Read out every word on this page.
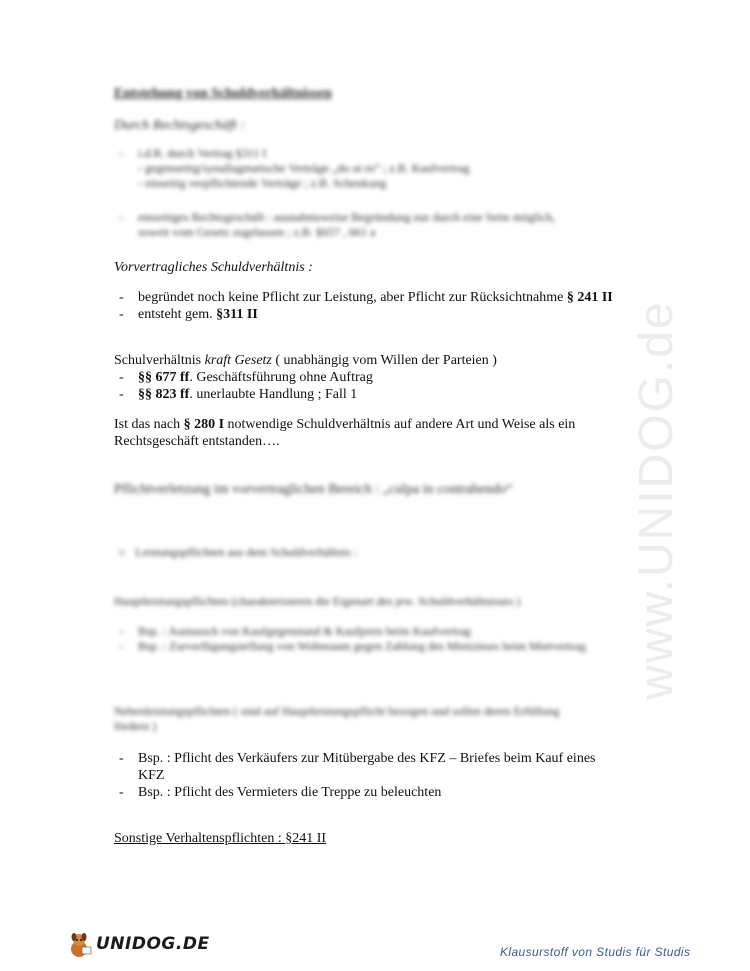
www.UNIDOG.de
Entstehung von Schuldverhältnissen
Durch Rechtsgeschäft :
- i.d.R. durch Vertrag §311 I
- gegenseitig/synallagmatische Verträge „do ut es“ ; z.B. Kaufvertrag
- einseitig verpflichtende Verträge ; z.B. Schenkung
- einseitiges Rechtsgeschäft : ausnahmsweise Begründung nur durch eine Seite möglich,
soweit vom Gesetz zugelassen ; z.B. §657 , 661 a
Vorvertragliches Schuldverhältnis :
- begründet noch keine Pflicht zur Leistung, aber Pflicht zur Rücksichtnahme § 241 II
- entsteht gem. §311 II
Schulverhältnis kraft Gesetz ( unabhängig vom Willen der Parteien )
- §§ 677 ff. Geschäftsführung ohne Auftrag
- §§ 823 ff. unerlaubte Handlung ; Fall 1
Ist das nach § 280 I notwendige Schuldverhältnis auf andere Art und Weise als ein Rechtsgeschäft entstanden….
Pflichtverletzung im vorvertraglichen Bereich : „culpa in contrahendo“
○ Leistungspflichten aus dem Schuldverhältnis :
Hauptleistungspflichten (charakterisieren die Eigenart des jew. Schuldverhältnisses )
- Bsp. : Austausch von Kaufgegenstand & Kaufpreis beim Kaufvertrag
- Bsp. : Zurverfügungstellung von Wohnraum gegen Zahlung des Mietzinses beim Mietvertrag
Nebenleistungspflichten ( sind auf Hauptleistungspflicht bezogen und sollen deren Erfüllung
fördern )
- Bsp. : Pflicht des Verkäufers zur Mitübergabe des KFZ – Briefes beim Kauf eines KFZ
- Bsp. : Pflicht des Vermieters die Treppe zu beleuchten
Sonstige Verhaltenspflichten : §241 II
UNIDOG.DE	Klausurstoff von Studis für Studis
